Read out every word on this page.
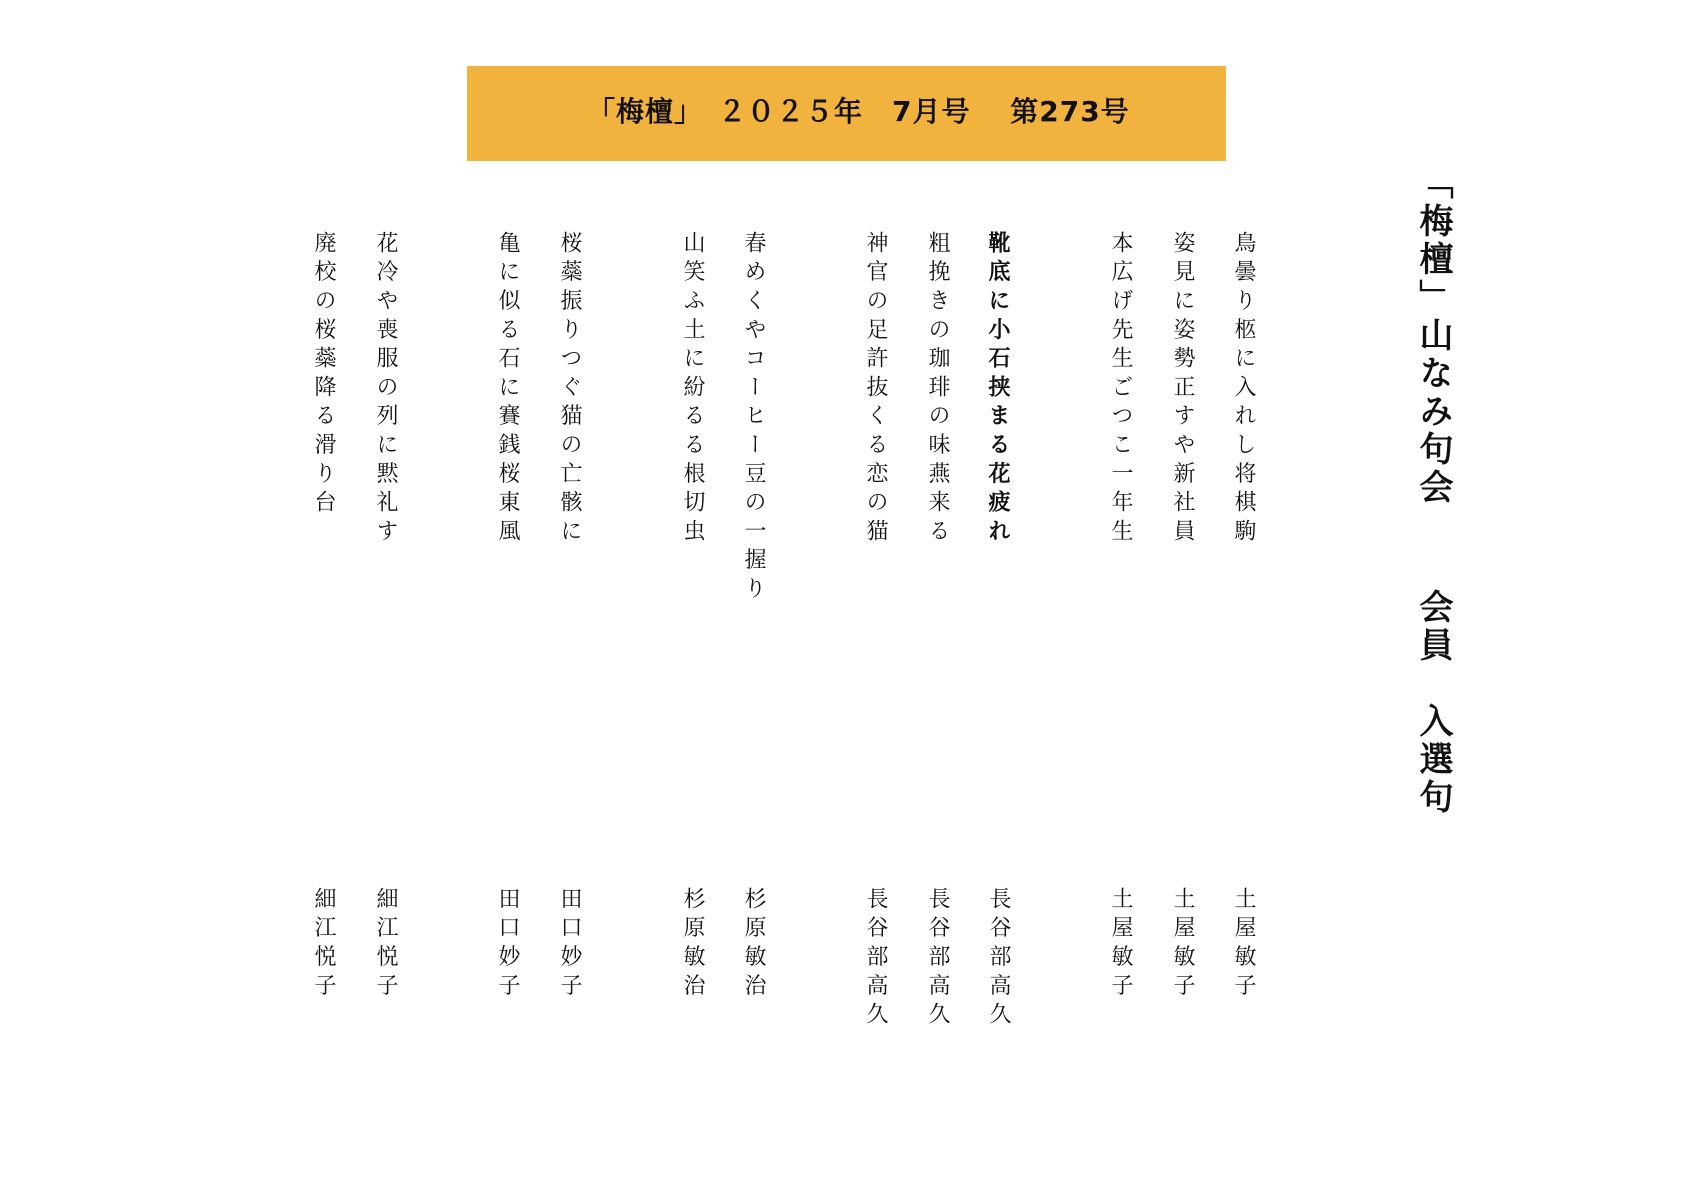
「梅檀」　２０２５年　7月号　 第273号
「梅檀」山なみ句会　 会員　入選句
鳥曇り柩に入れし将棋駒
姿見に姿勢正すや新社員
本広げ先生ごつこ一年生
靴底に小石挟まる花疲れ
粗挽きの珈琲の味燕来る
神官の足許抜くる恋の猫
春めくやコーヒー豆の一握り
山笑ふ土に紛るる根切虫
桜蘂振りつぐ猫の亡骸に
亀に似る石に賽銭桜東風
花冷や喪服の列に黙礼す
廃校の桜蘂降る滑り台
土屋敏子
土屋敏子
土屋敏子
長谷部高久
長谷部高久
長谷部高久
杉原敏治
杉原敏治
田口妙子
田口妙子
細江悦子
細江悦子
